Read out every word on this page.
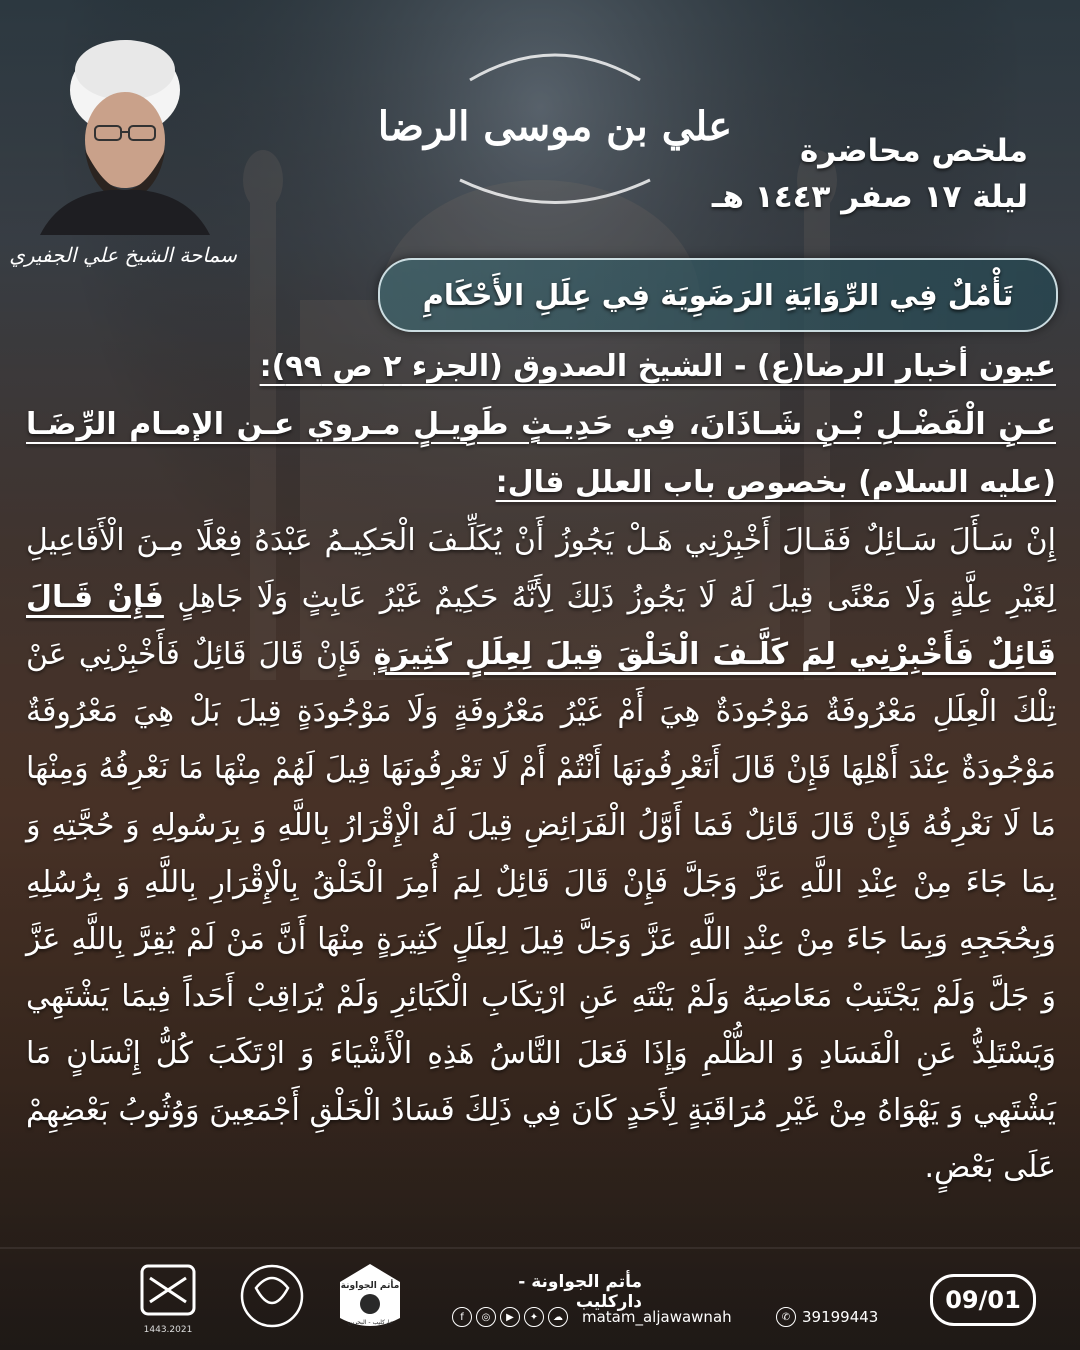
سماحة الشيخ علي الجفيري
علي بن موسى الرضا
ملخص محاضرة
ليلة ١٧ صفر ١٤٤٣ هـ
تَأْمُلٌ فِي الرِّوَايَةِ الرَضَوِيَة فِي عِلَلِ الأَحْكَامِ
عيون أخبار الرضا(ع) - الشيخ الصدوق (الجزء ٢ ص ٩٩):
عـنِ الْفَضْـلِ بْـنِ شَـاذَانَ، فِي حَدِيـثٍ طَوِيـلٍ مـروي عـن الإمـام الرِّضَـا (عليه السلام) بخصوص باب العلل قال:
إِنْ سَـأَلَ سَـائِلٌ فَقَـالَ أَخْبِرْنِي هَـلْ يَجُوزُ أَنْ يُكَلِّـفَ الْحَكِيـمُ عَبْدَهُ فِعْلًا مِـنَ الْأَفَاعِيلِ لِغَيْرِ عِلَّةٍ وَلَا مَعْنًى قِيلَ لَهُ لَا يَجُوزُ ذَلِكَ لِأَنَّهُ حَكِيمٌ غَيْرُ عَابِثٍ وَلَا جَاهِلٍ فَإِنْ قَـالَ قَائِلٌ فَأَخْبِرْنِي لِمَ كَلَّـفَ الْخَلْقَ قِيلَ لِعِلَلٍ كَثِيرَةٍ فَإِنْ قَالَ قَائِلٌ فَأَخْبِرْنِي عَنْ تِلْكَ الْعِلَلِ مَعْرُوفَةٌ مَوْجُودَةٌ هِيَ أَمْ غَيْرُ مَعْرُوفَةٍ وَلَا مَوْجُودَةٍ قِيلَ بَلْ هِيَ مَعْرُوفَةٌ مَوْجُودَةٌ عِنْدَ أَهْلِهَا فَإِنْ قَالَ أَتَعْرِفُونَهَا أَنْتُمْ أَمْ لَا تَعْرِفُونَهَا قِيلَ لَهُمْ مِنْهَا مَا نَعْرِفُهُ وَمِنْهَا مَا لَا نَعْرِفُهُ فَإِنْ قَالَ قَائِلٌ فَمَا أَوَّلُ الْفَرَائِضِ قِيلَ لَهُ الْإِقْرَارُ بِاللَّهِ وَ بِرَسُولِهِ وَ حُجَّتِهِ وَ بِمَا جَاءَ مِنْ عِنْدِ اللَّهِ عَزَّ وَجَلَّ فَإِنْ قَالَ قَائِلٌ لِمَ أُمِرَ الْخَلْقُ بِالْإِقْرَارِ بِاللَّهِ وَ بِرُسُلِهِ وَبِحُجَجِهِ وَبِمَا جَاءَ مِنْ عِنْدِ اللَّهِ عَزَّ وَجَلَّ قِيلَ لِعِلَلٍ كَثِيرَةٍ مِنْهَا أَنَّ مَنْ لَمْ يُقِرَّ بِاللَّهِ عَزَّ وَ جَلَّ وَلَمْ يَجْتَنِبْ مَعَاصِيَهُ وَلَمْ يَنْتَهِ عَنِ ارْتِكَابِ الْكَبَائِرِ وَلَمْ يُرَاقِبْ أَحَداً فِيمَا يَشْتَهِي وَيَسْتَلِذُّ عَنِ الْفَسَادِ وَ الظُّلْمِ وَإِذَا فَعَلَ النَّاسُ هَذِهِ الْأَشْيَاءَ وَ ارْتَكَبَ كُلُّ إِنْسَانٍ مَا يَشْتَهِي وَ يَهْوَاهُ مِنْ غَيْرِ مُرَاقَبَةٍ لِأَحَدٍ كَانَ فِي ذَلِكَ فَسَادُ الْخَلْقِ أَجْمَعِينَ وَوُثُوبُ بَعْضِهِمْ عَلَى بَعْضٍ.
1443.2021
مأتم الجواونة
داركليب - البحرين
مأتم الجواونة - داركليب
f	◎	▶	✦	☁	matam_aljawawnah	✆ 39199443
09/01
